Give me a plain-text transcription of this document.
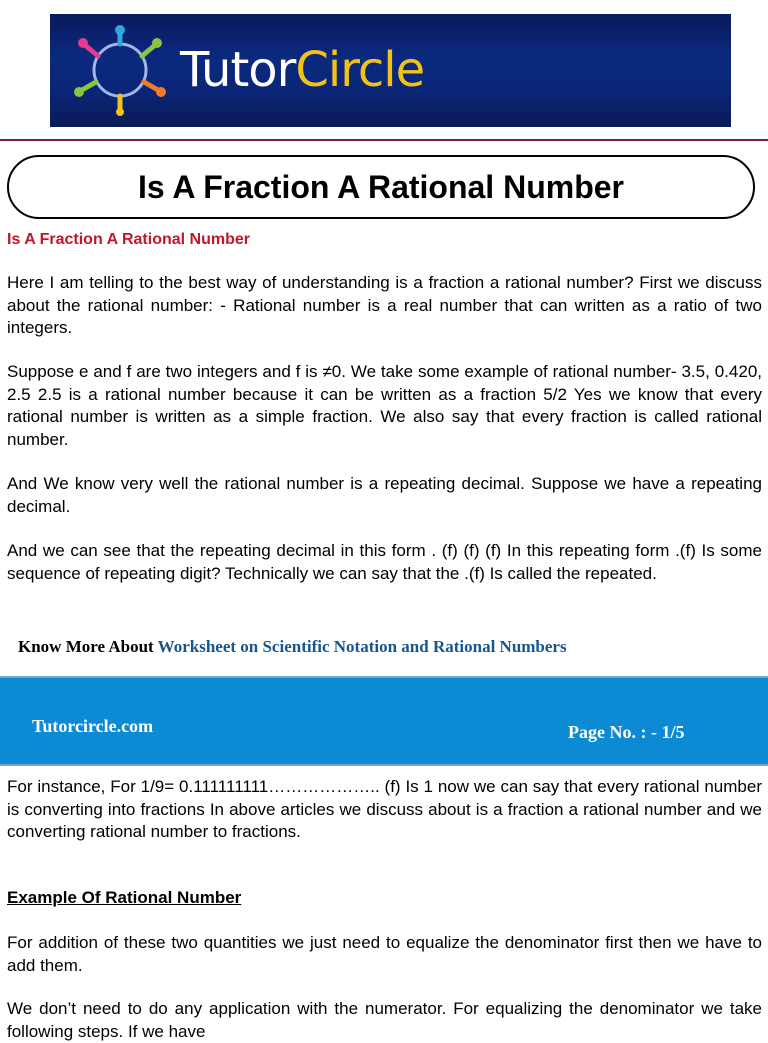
TutorCircle
Is A Fraction A Rational Number
Is A Fraction A Rational Number

Here I am telling to the best way of understanding is a fraction a rational number? First we discuss about the rational number: - Rational number is a real number that can written as a ratio of two integers.

Suppose e and f are two integers and f is ≠0. We take some example of rational number- 3.5, 0.420, 2.5 2.5 is a rational number because it can be written as a fraction 5/2 Yes we know that every rational number is written as a simple fraction. We also say that every fraction is called rational number.

And We know very well the rational number is a repeating decimal. Suppose we have a repeating decimal.

And we can see that the repeating decimal in this form . (f) (f) (f) In this repeating form .(f) Is some sequence of repeating digit? Technically we can say that the .(f) Is called the repeated.

Know More About Worksheet on Scientific Notation and Rational Numbers
Tutorcircle.com	Page No. : - 1/5

For instance, For 1/9= 0.111111111……………….. (f) Is 1 now we can say that every rational number is converting into fractions In above articles we discuss about is a fraction a rational number and we converting rational number to fractions.

Example Of Rational Number

For addition of these two quantities we just need to equalize the denominator first then we have to add them.

We don’t need to do any application with the numerator. For equalizing the denominator we take following steps. If we have
